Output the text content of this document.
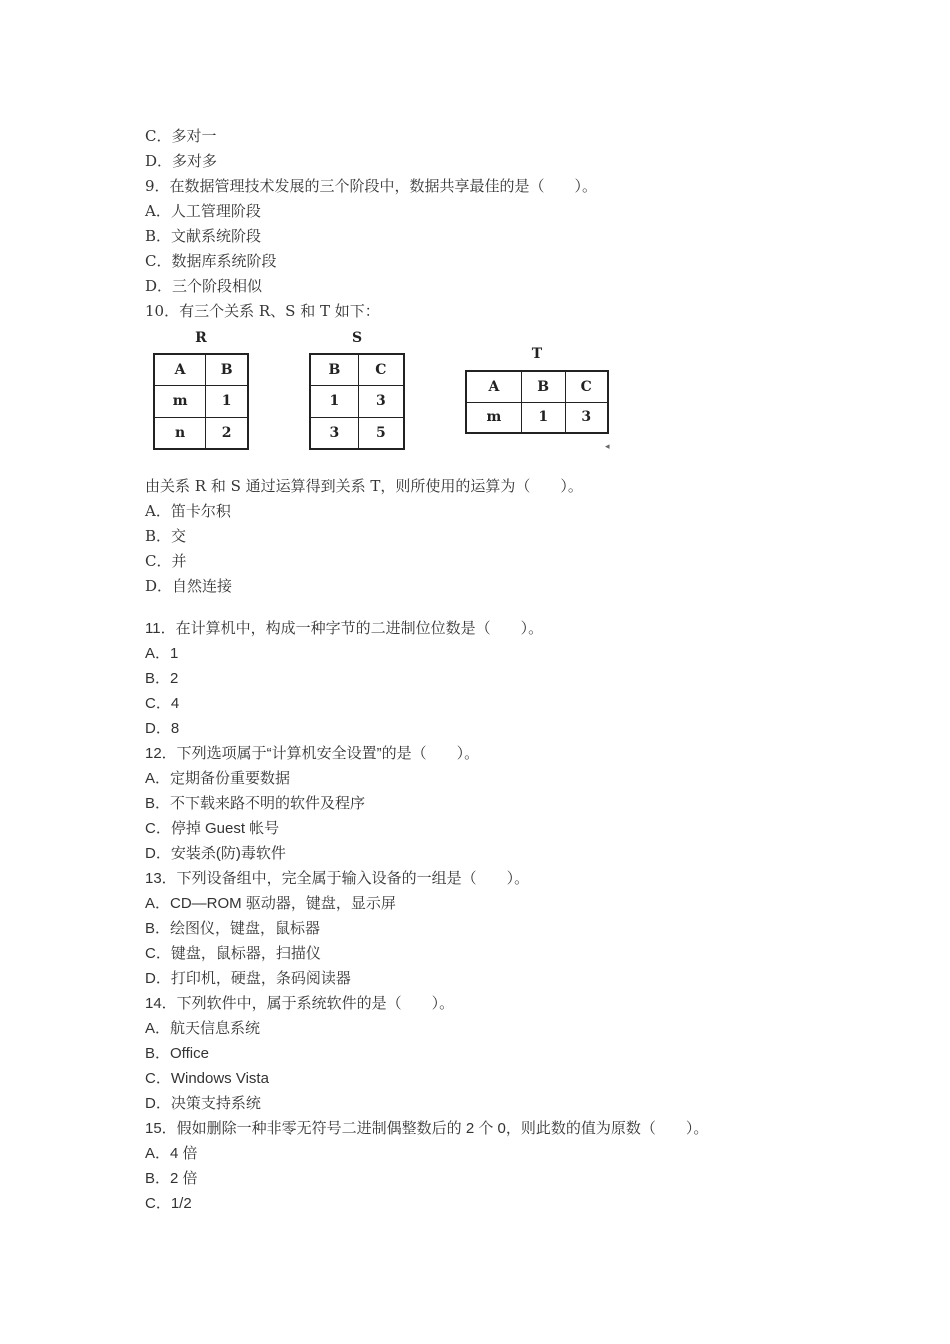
C．多对一
D．多对多
9．在数据管理技术发展的三个阶段中，数据共享最佳的是（　　）。
A．人工管理阶段
B．文献系统阶段
C．数据库系统阶段
D．三个阶段相似
10．有三个关系 R、S 和 T 如下：
R
A	B
m	1
n	2
S
B	C
1	3
3	5
T
A	B	C
m	1	3
◂
由关系 R 和 S 通过运算得到关系 T，则所使用的运算为（　　）。
A．笛卡尔积
B．交
C．并
D．自然连接
11．在计算机中，构成一种字节的二进制位位数是（　　）。
A．1
B．2
C．4
D．8
12．下列选项属于“计算机安全设置”的是（　　）。
A．定期备份重要数据
B．不下载来路不明的软件及程序
C．停掉 Guest 帐号
D．安装杀(防)毒软件
13．下列设备组中，完全属于输入设备的一组是（　　）。
A．CD—ROM 驱动器，键盘，显示屏
B．绘图仪，键盘，鼠标器
C．键盘，鼠标器，扫描仪
D．打印机，硬盘，条码阅读器
14．下列软件中，属于系统软件的是（　　）。
A．航天信息系统
B．Office
C．Windows Vista
D．决策支持系统
15．假如删除一种非零无符号二进制偶整数后的 2 个 0，则此数的值为原数（　　）。
A．4 倍
B．2 倍
C．1/2
